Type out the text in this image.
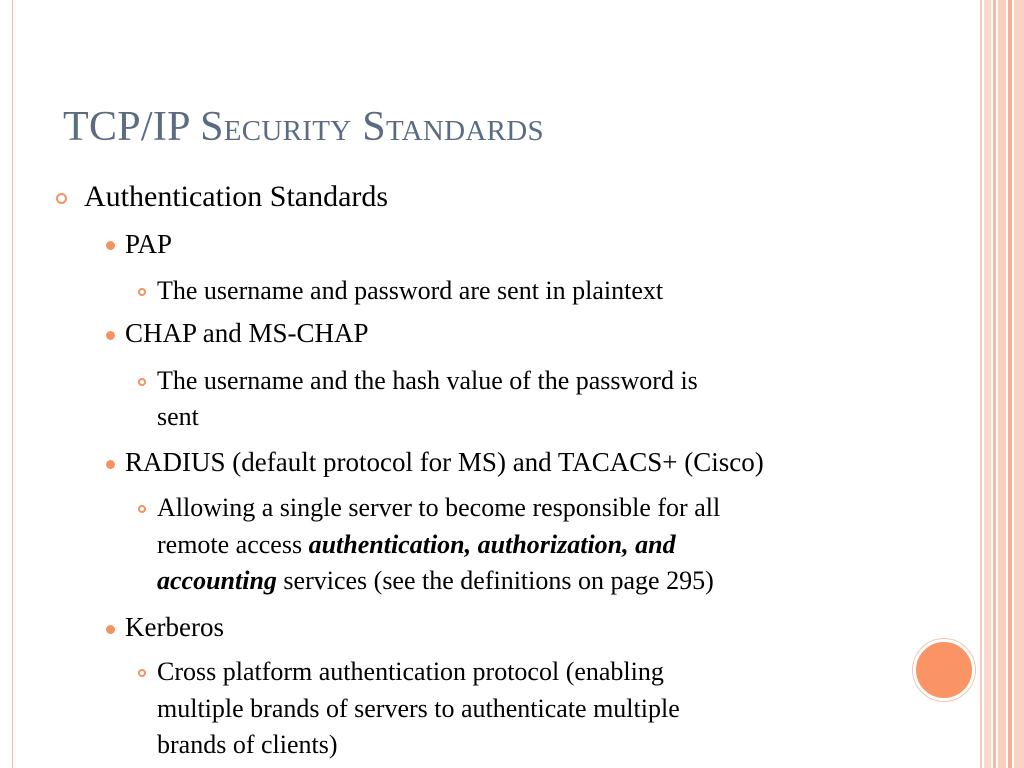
TCP/IP Security Standards
Authentication Standards
PAP
The username and password are sent in plaintext
CHAP and MS-CHAP
The username and the hash value of the password is
sent
RADIUS (default protocol for MS) and TACACS+ (Cisco)
Allowing a single server to become responsible for all
remote access authentication, authorization, and
accounting services (see the definitions on page 295)
Kerberos
Cross platform authentication protocol (enabling
multiple brands of servers to authenticate multiple
brands of clients)
